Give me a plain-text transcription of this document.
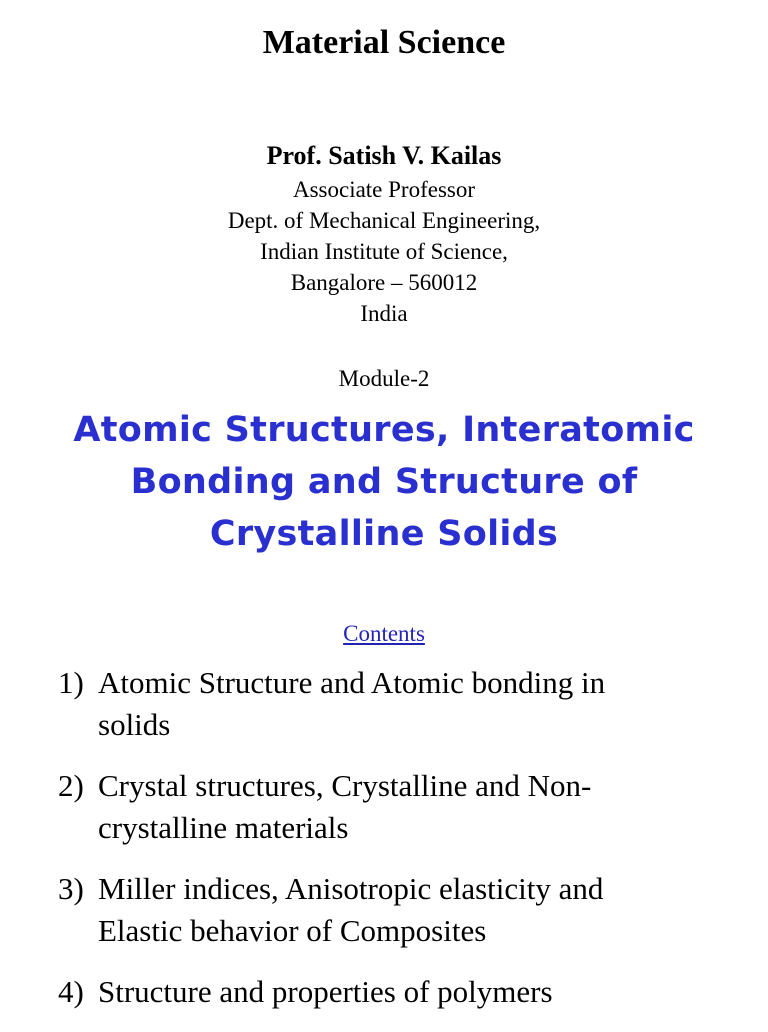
Material Science
Prof. Satish V. Kailas
Associate Professor
Dept. of Mechanical Engineering,
Indian Institute of Science,
Bangalore – 560012
India
Module-2
Atomic Structures, Interatomic
Bonding and Structure of
Crystalline Solids
Contents
1) Atomic Structure and Atomic bonding in
solids
2) Crystal structures, Crystalline and Non-
crystalline materials
3) Miller indices, Anisotropic elasticity and
Elastic behavior of Composites
4) Structure and properties of polymers
